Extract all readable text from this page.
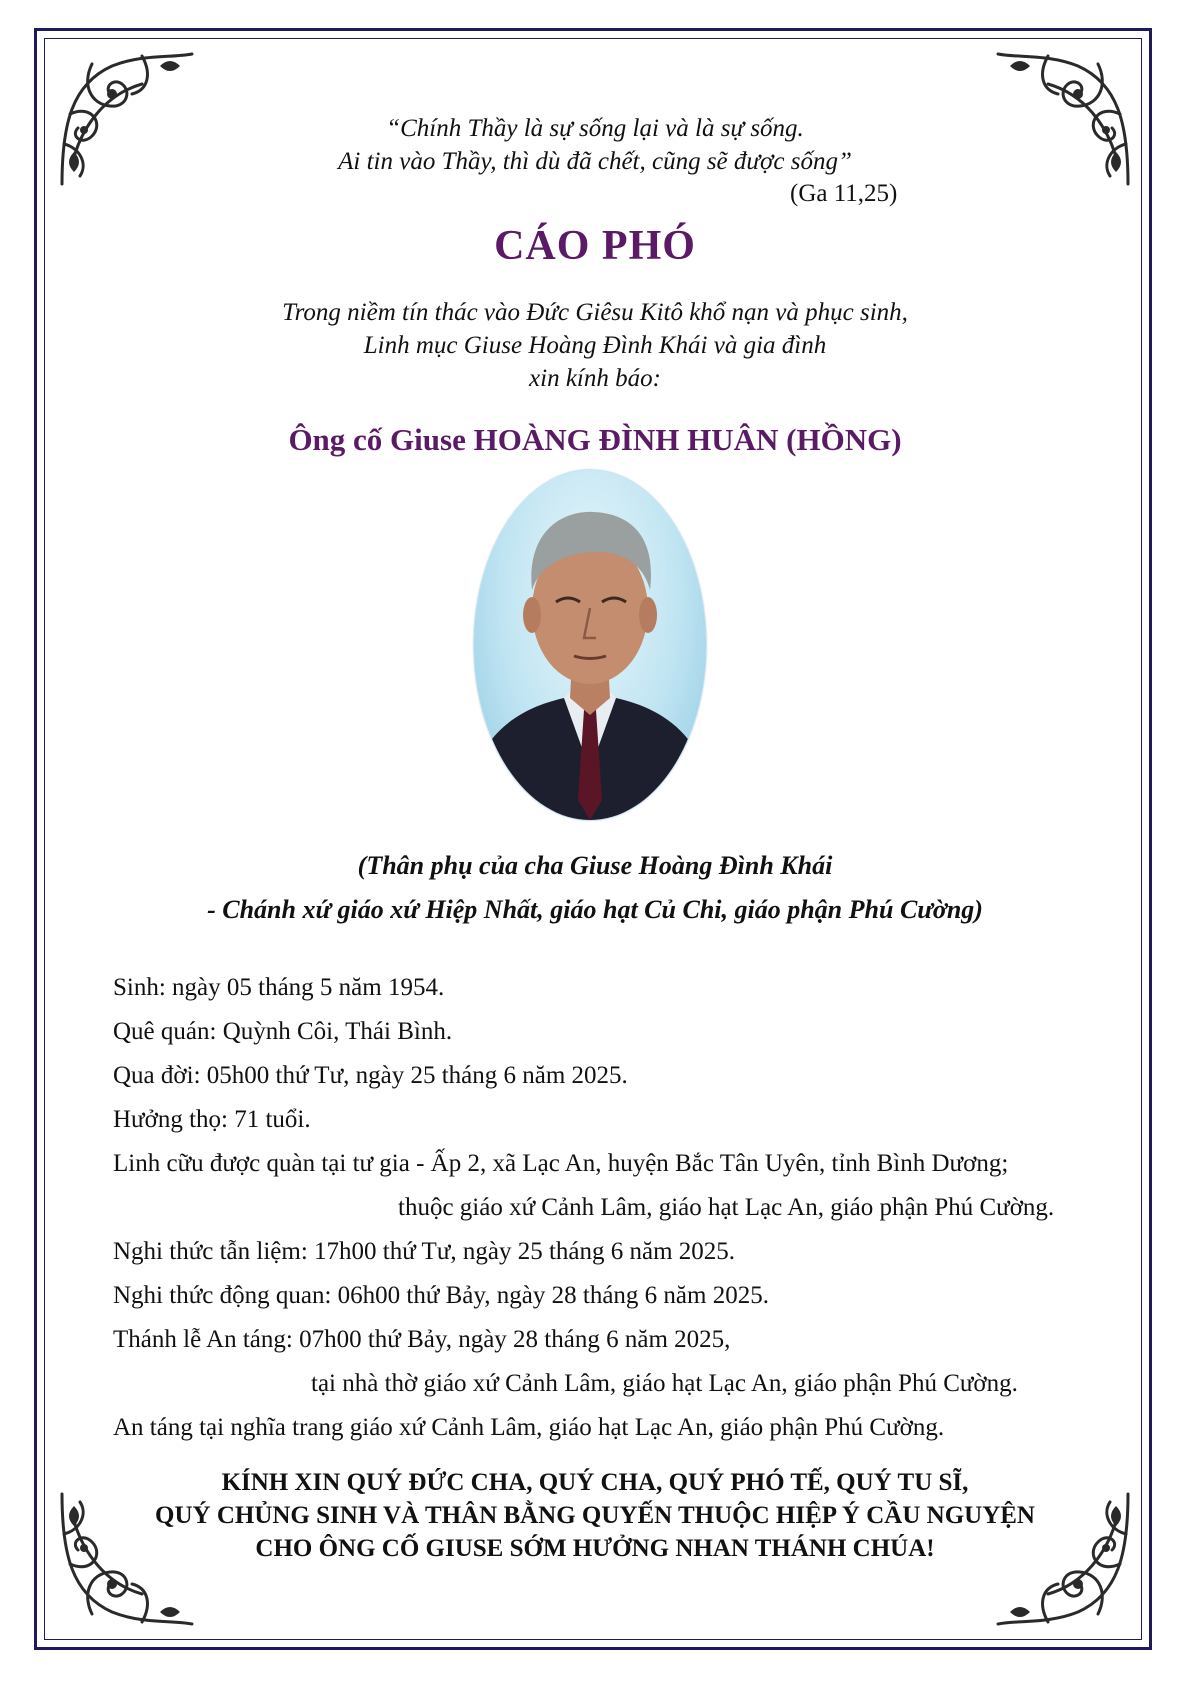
“Chính Thầy là sự sống lại và là sự sống.
Ai tin vào Thầy, thì dù đã chết, cũng sẽ được sống”
(Ga 11,25)
CÁO PHÓ
Trong niềm tín thác vào Đức Giêsu Kitô khổ nạn và phục sinh,
Linh mục Giuse Hoàng Đình Khái và gia đình
xin kính báo:
Ông cố Giuse HOÀNG ĐÌNH HUÂN (HỒNG)
(Thân phụ của cha Giuse Hoàng Đình Khái
- Chánh xứ giáo xứ Hiệp Nhất, giáo hạt Củ Chi, giáo phận Phú Cường)
Sinh: ngày 05 tháng 5 năm 1954.
Quê quán: Quỳnh Côi, Thái Bình.
Qua đời: 05h00 thứ Tư, ngày 25 tháng 6 năm 2025.
Hưởng thọ: 71 tuổi.
Linh cữu được quàn tại tư gia - Ấp 2, xã Lạc An, huyện Bắc Tân Uyên, tỉnh Bình Dương;
thuộc giáo xứ Cảnh Lâm, giáo hạt Lạc An, giáo phận Phú Cường.
Nghi thức tẫn liệm: 17h00 thứ Tư, ngày 25 tháng 6 năm 2025.
Nghi thức động quan: 06h00 thứ Bảy, ngày 28 tháng 6 năm 2025.
Thánh lễ An táng: 07h00 thứ Bảy, ngày 28 tháng 6 năm 2025,
tại nhà thờ giáo xứ Cảnh Lâm, giáo hạt Lạc An, giáo phận Phú Cường.
An táng tại nghĩa trang giáo xứ Cảnh Lâm, giáo hạt Lạc An, giáo phận Phú Cường.
KÍNH XIN QUÝ ĐỨC CHA, QUÝ CHA, QUÝ PHÓ TẾ, QUÝ TU SĨ,
QUÝ CHỦNG SINH VÀ THÂN BẰNG QUYẾN THUỘC HIỆP Ý CẦU NGUYỆN
CHO ÔNG CỐ GIUSE SỚM HƯỞNG NHAN THÁNH CHÚA!
